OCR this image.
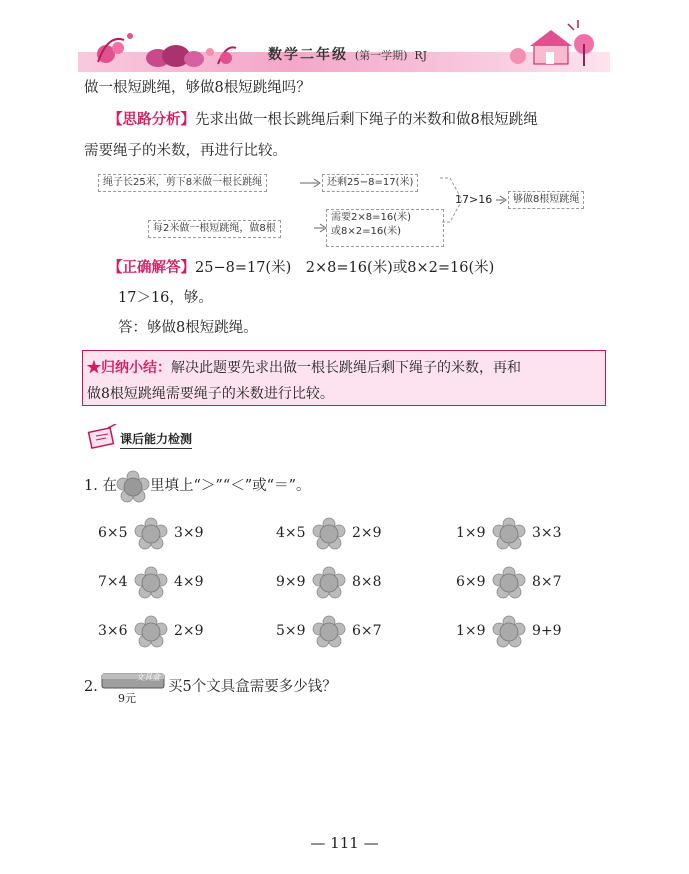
数学二年级 (第一学期) RJ
做一根短跳绳，够做8根短跳绳吗？
【思路分析】先求出做一根长跳绳后剩下绳子的米数和做8根短跳绳
需要绳子的米数，再进行比较。
绳子长25米，剪下8米做一根长跳绳	还剩25−8=17(米)
每2米做一根短跳绳，做8根
需要2×8=16(米)
或8×2=16(米)
17>16	够做8根短跳绳
【正确解答】25−8=17(米)　2×8=16(米)或8×2=16(米)
17＞16，够。
答：够做8根短跳绳。
★归纳小结：解决此题要先求出做一根长跳绳后剩下绳子的米数，再和
做8根短跳绳需要绳子的米数进行比较。
课后能力检测
1. 在 里填上“＞”“＜”或“＝”。
6×5	3×9	4×5	2×9	1×9	3×3
7×4	4×9	9×9	8×8	6×9	8×7
3×6	2×9	5×9	6×7	1×9	9+9
2.
文具盒
9元
买5个文具盒需要多少钱？
— 111 —
